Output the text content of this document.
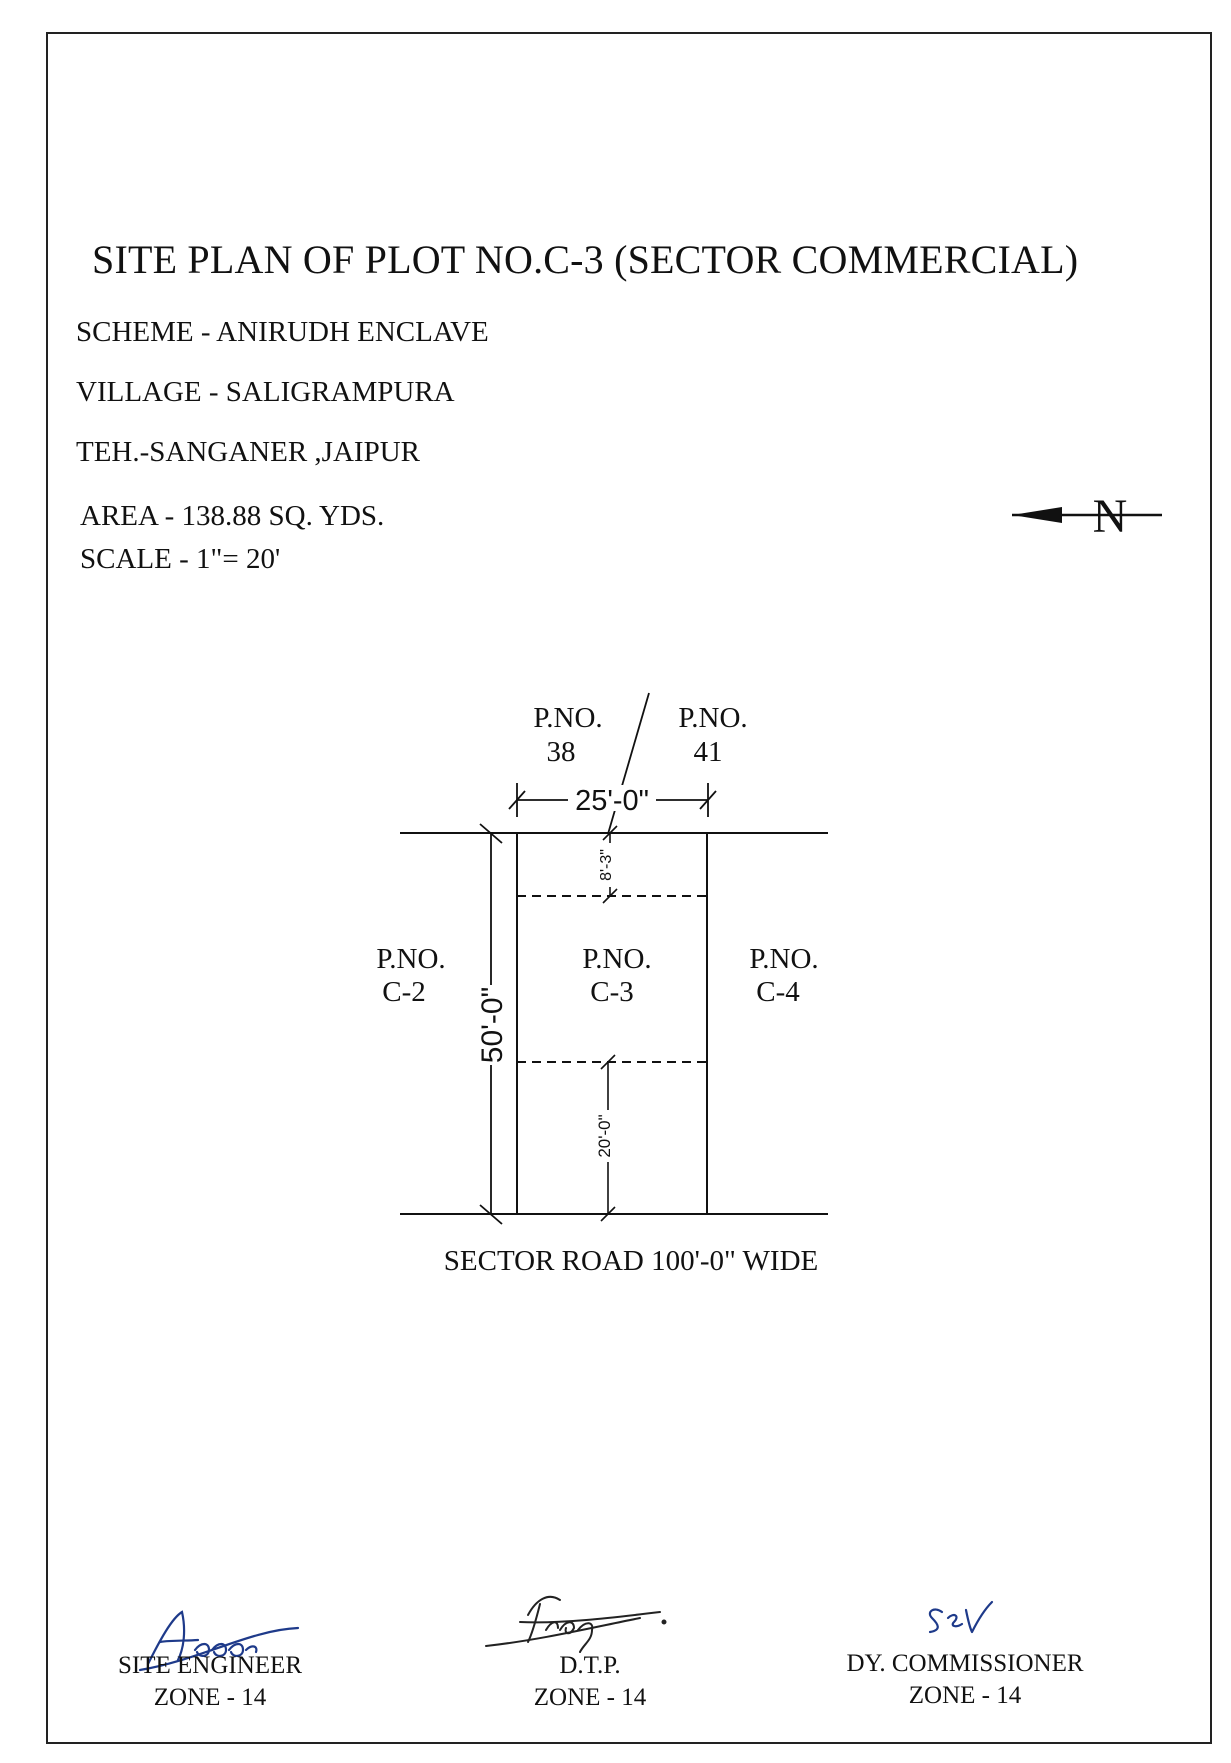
SITE PLAN OF PLOT NO.C-3 (SECTOR COMMERCIAL)
SCHEME - ANIRUDH ENCLAVE
VILLAGE - SALIGRAMPURA
TEH.-SANGANER ,JAIPUR
AREA - 138.88 SQ. YDS.
SCALE - 1"= 20'
N
P.NO.
38
P.NO.
41
25'-0"
50'-0"
8'-3"
20'-0"
P.NO.
C-2
P.NO.
C-3
P.NO.
C-4
SECTOR ROAD 100'-0" WIDE
SITE ENGINEER
ZONE - 14
D.T.P.
ZONE - 14
DY. COMMISSIONER
ZONE - 14
